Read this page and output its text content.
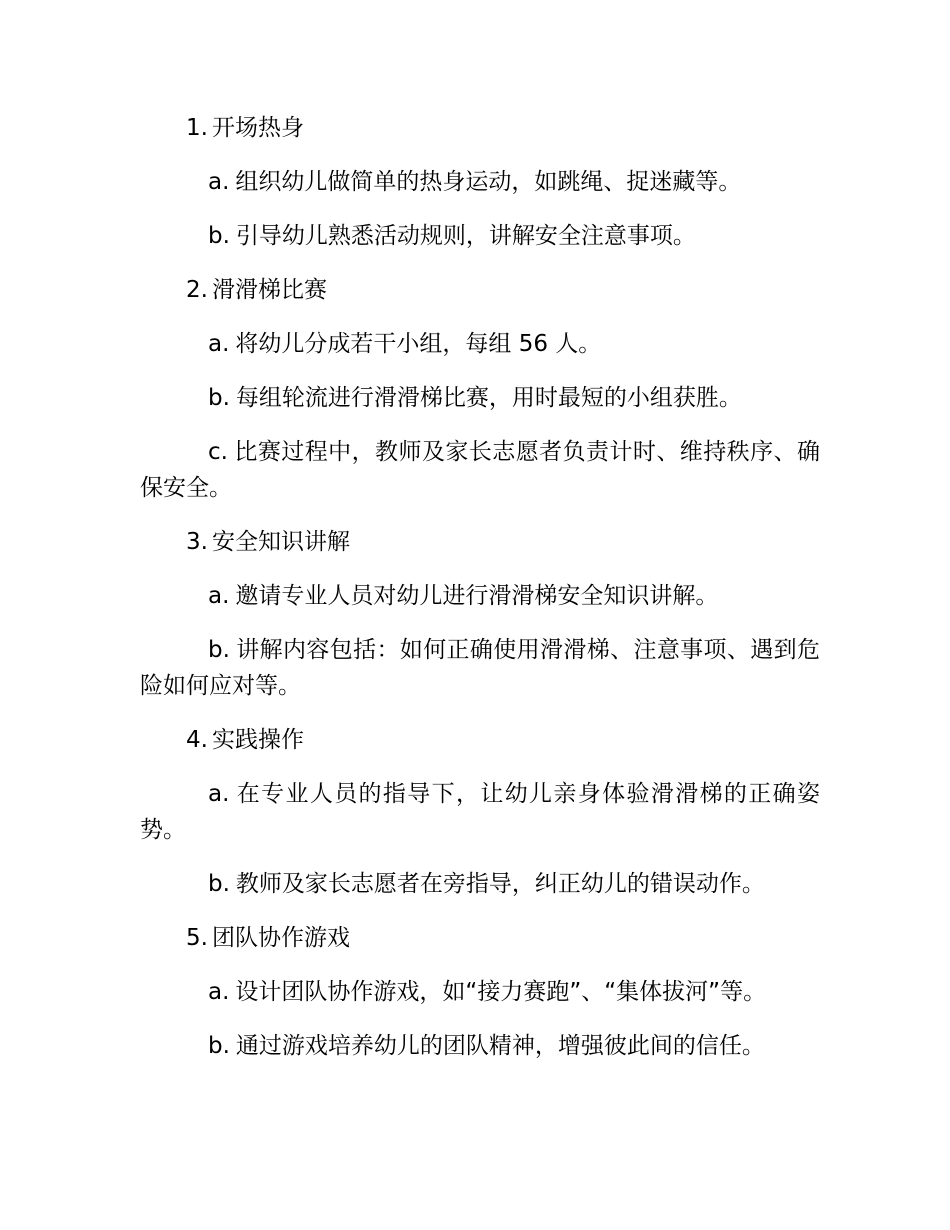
1. 开场热身

a. 组织幼儿做简单的热身运动，如跳绳、捉迷藏等。

b. 引导幼儿熟悉活动规则，讲解安全注意事项。

2. 滑滑梯比赛

a. 将幼儿分成若干小组，每组 56 人。

b. 每组轮流进行滑滑梯比赛，用时最短的小组获胜。

c. 比赛过程中，教师及家长志愿者负责计时、维持秩序、确保安全。

3. 安全知识讲解

a. 邀请专业人员对幼儿进行滑滑梯安全知识讲解。

b. 讲解内容包括：如何正确使用滑滑梯、注意事项、遇到危险如何应对等。

4. 实践操作

a. 在专业人员的指导下，让幼儿亲身体验滑滑梯的正确姿势。

b. 教师及家长志愿者在旁指导，纠正幼儿的错误动作。

5. 团队协作游戏

a. 设计团队协作游戏，如“接力赛跑”、“集体拔河”等。

b. 通过游戏培养幼儿的团队精神，增强彼此间的信任。
